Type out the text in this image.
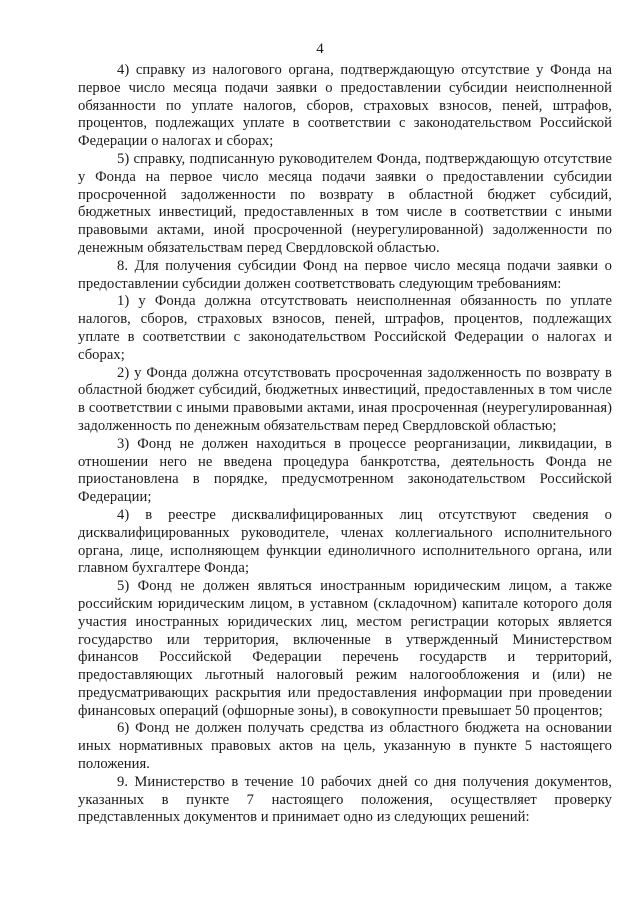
4

4) справку из налогового органа, подтверждающую отсутствие у Фонда на первое число месяца подачи заявки о предоставлении субсидии неисполненной обязанности по уплате налогов, сборов, страховых взносов, пеней, штрафов, процентов, подлежащих уплате в соответствии с законодательством Российской Федерации о налогах и сборах;

5) справку, подписанную руководителем Фонда, подтверждающую отсутствие у Фонда на первое число месяца подачи заявки о предоставлении субсидии просроченной задолженности по возврату в областной бюджет субсидий, бюджетных инвестиций, предоставленных в том числе в соответствии с иными правовыми актами, иной просроченной (неурегулированной) задолженности по денежным обязательствам перед Свердловской областью.

8. Для получения субсидии Фонд на первое число месяца подачи заявки о предоставлении субсидии должен соответствовать следующим требованиям:

1) у Фонда должна отсутствовать неисполненная обязанность по уплате налогов, сборов, страховых взносов, пеней, штрафов, процентов, подлежащих уплате в соответствии с законодательством Российской Федерации о налогах и сборах;

2) у Фонда должна отсутствовать просроченная задолженность по возврату в областной бюджет субсидий, бюджетных инвестиций, предоставленных в том числе в соответствии с иными правовыми актами, иная просроченная (неурегулированная) задолженность по денежным обязательствам перед Свердловской областью;

3) Фонд не должен находиться в процессе реорганизации, ликвидации, в отношении него не введена процедура банкротства, деятельность Фонда не приостановлена в порядке, предусмотренном законодательством Российской Федерации;

4) в реестре дисквалифицированных лиц отсутствуют сведения о дисквалифицированных руководителе, членах коллегиального исполнительного органа, лице, исполняющем функции единоличного исполнительного органа, или главном бухгалтере Фонда;

5) Фонд не должен являться иностранным юридическим лицом, а также российским юридическим лицом, в уставном (складочном) капитале которого доля участия иностранных юридических лиц, местом регистрации которых является государство или территория, включенные в утвержденный Министерством финансов Российской Федерации перечень государств и территорий, предоставляющих льготный налоговый режим налогообложения и (или) не предусматривающих раскрытия или предоставления информации при проведении финансовых операций (офшорные зоны), в совокупности превышает 50 процентов;

6) Фонд не должен получать средства из областного бюджета на основании иных нормативных правовых актов на цель, указанную в пункте 5 настоящего положения.

9. Министерство в течение 10 рабочих дней со дня получения документов, указанных в пункте 7 настоящего положения, осуществляет проверку представленных документов и принимает одно из следующих решений:
